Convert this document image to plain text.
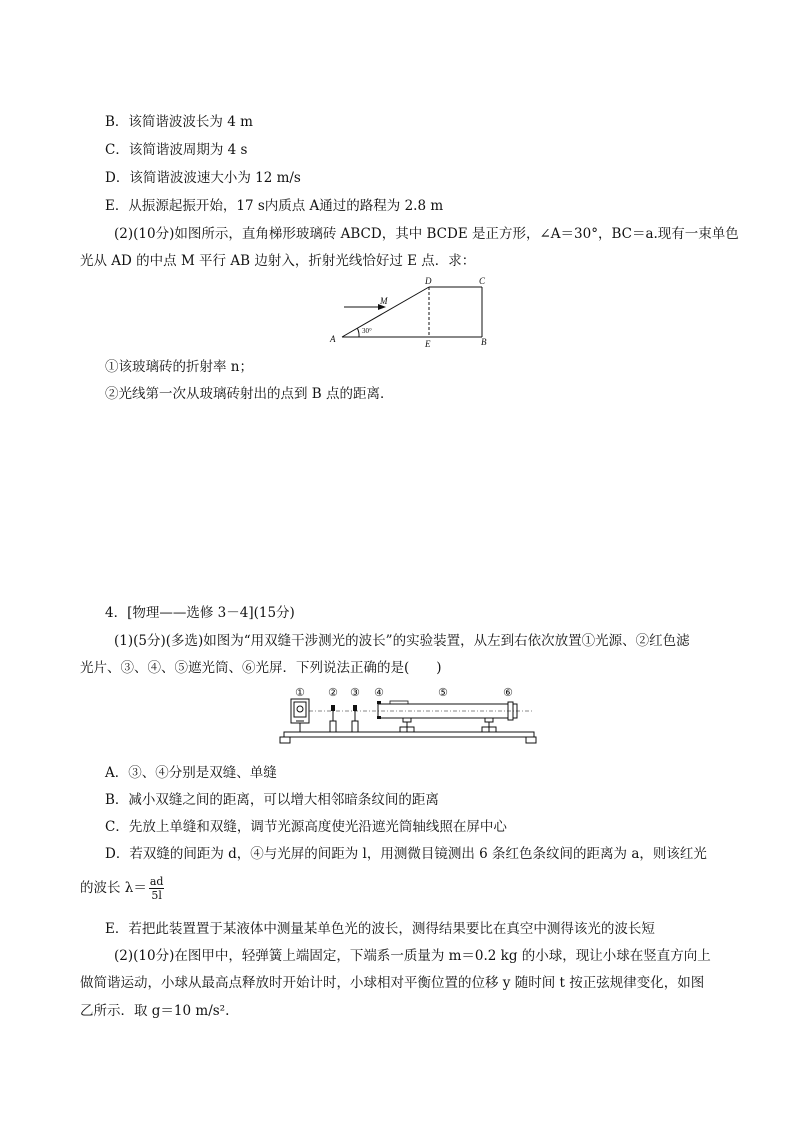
B．该简谐波波长为 4 m
C．该简谐波周期为 4 s
D．该简谐波波速大小为 12 m/s
E．从振源起振开始，17 s内质点 A通过的路程为 2.8 m
(2)(10分)如图所示，直角梯形玻璃砖 ABCD，其中 BCDE 是正方形，∠A＝30°，BC＝a.现有一束单色
光从 AD 的中点 M 平行 AB 边射入，折射光线恰好过 E 点．求：
A	B
C
D
E
M
30°
①该玻璃砖的折射率 n；
②光线第一次从玻璃砖射出的点到 B 点的距离．
4．[物理——选修 3－4](15分)
(1)(5分)(多选)如图为“用双缝干涉测光的波长”的实验装置，从左到右依次放置①光源、②红色滤
光片、③、④、⑤遮光筒、⑥光屏．下列说法正确的是(　　)
① ② ③ ④	⑤	⑥
A．③、④分别是双缝、单缝
B．减小双缝之间的距离，可以增大相邻暗条纹间的距离
C．先放上单缝和双缝，调节光源高度使光沿遮光筒轴线照在屏中心
D．若双缝的间距为 d，④与光屏的间距为 l，用测微目镜测出 6 条红色条纹间的距离为 a，则该红光
的波长 $\lambda= \frac{ad}{5l}$
E．若把此装置置于某液体中测量某单色光的波长，测得结果要比在真空中测得该光的波长短
(2)(10分)在图甲中，轻弹簧上端固定，下端系一质量为 m＝0.2 kg 的小球，现让小球在竖直方向上
做简谐运动，小球从最高点释放时开始计时，小球相对平衡位置的位移 y 随时间 t 按正弦规律变化，如图
乙所示．取 g＝10 m/s².
